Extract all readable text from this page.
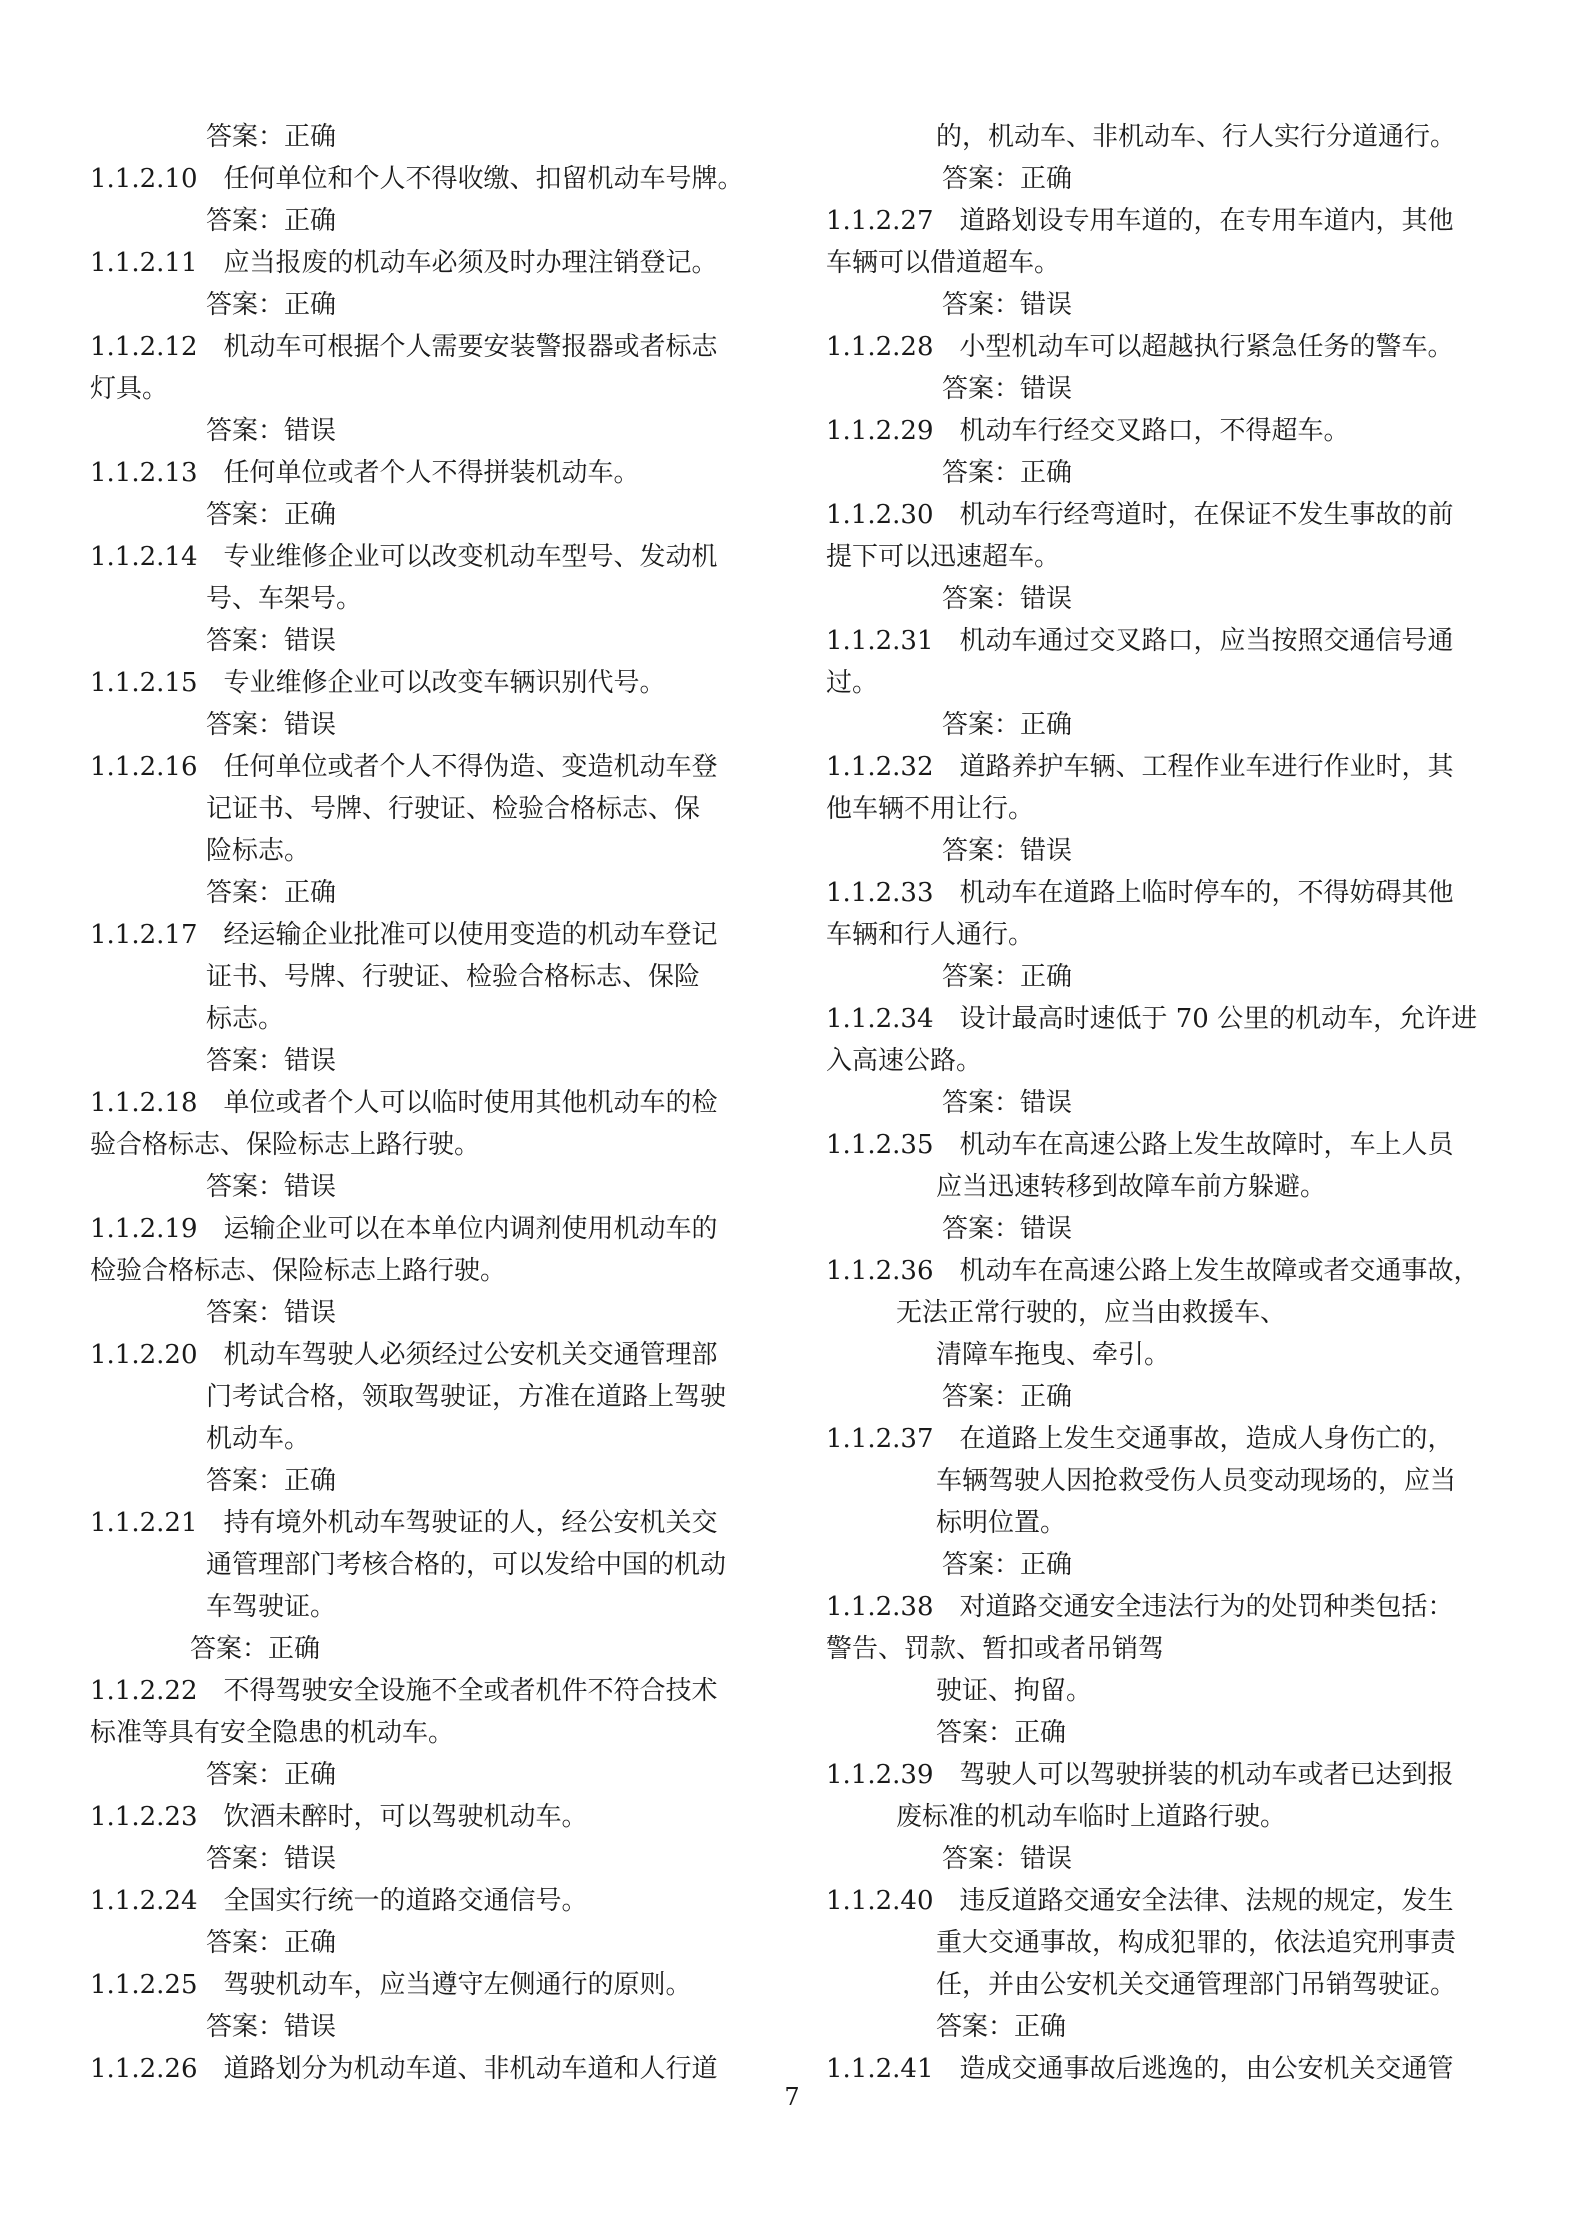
答案：正确
1.1.2.10　任何单位和个人不得收缴、扣留机动车号牌。
答案：正确
1.1.2.11　应当报废的机动车必须及时办理注销登记。
答案：正确
1.1.2.12　机动车可根据个人需要安装警报器或者标志
灯具。
答案：错误
1.1.2.13　任何单位或者个人不得拼装机动车。
答案：正确
1.1.2.14　专业维修企业可以改变机动车型号、发动机
号、车架号。
答案：错误
1.1.2.15　专业维修企业可以改变车辆识别代号。
答案：错误
1.1.2.16　任何单位或者个人不得伪造、变造机动车登
记证书、号牌、行驶证、检验合格标志、保
险标志。
答案：正确
1.1.2.17　经运输企业批准可以使用变造的机动车登记
证书、号牌、行驶证、检验合格标志、保险
标志。
答案：错误
1.1.2.18　单位或者个人可以临时使用其他机动车的检
验合格标志、保险标志上路行驶。
答案：错误
1.1.2.19　运输企业可以在本单位内调剂使用机动车的
检验合格标志、保险标志上路行驶。
答案：错误
1.1.2.20　机动车驾驶人必须经过公安机关交通管理部
门考试合格，领取驾驶证，方准在道路上驾驶
机动车。
答案：正确
1.1.2.21　持有境外机动车驾驶证的人，经公安机关交
通管理部门考核合格的，可以发给中国的机动
车驾驶证。
答案：正确
1.1.2.22　不得驾驶安全设施不全或者机件不符合技术
标准等具有安全隐患的机动车。
答案：正确
1.1.2.23　饮酒未醉时，可以驾驶机动车。
答案：错误
1.1.2.24　全国实行统一的道路交通信号。
答案：正确
1.1.2.25　驾驶机动车，应当遵守左侧通行的原则。
答案：错误
1.1.2.26　道路划分为机动车道、非机动车道和人行道
的，机动车、非机动车、行人实行分道通行。
答案：正确
1.1.2.27　道路划设专用车道的，在专用车道内，其他
车辆可以借道超车。
答案：错误
1.1.2.28　小型机动车可以超越执行紧急任务的警车。
答案：错误
1.1.2.29　机动车行经交叉路口，不得超车。
答案：正确
1.1.2.30　机动车行经弯道时，在保证不发生事故的前
提下可以迅速超车。
答案：错误
1.1.2.31　机动车通过交叉路口，应当按照交通信号通
过。
答案：正确
1.1.2.32　道路养护车辆、工程作业车进行作业时，其
他车辆不用让行。
答案：错误
1.1.2.33　机动车在道路上临时停车的，不得妨碍其他
车辆和行人通行。
答案：正确
1.1.2.34　设计最高时速低于 70 公里的机动车，允许进
入高速公路。
答案：错误
1.1.2.35　机动车在高速公路上发生故障时，车上人员
应当迅速转移到故障车前方躲避。
答案：错误
1.1.2.36　机动车在高速公路上发生故障或者交通事故，
无法正常行驶的，应当由救援车、
清障车拖曳、牵引。
答案：正确
1.1.2.37　在道路上发生交通事故，造成人身伤亡的，
车辆驾驶人因抢救受伤人员变动现场的，应当
标明位置。
答案：正确
1.1.2.38　对道路交通安全违法行为的处罚种类包括：
警告、罚款、暂扣或者吊销驾
驶证、拘留。
答案：正确
1.1.2.39　驾驶人可以驾驶拼装的机动车或者已达到报
废标准的机动车临时上道路行驶。
答案：错误
1.1.2.40　违反道路交通安全法律、法规的规定，发生
重大交通事故，构成犯罪的，依法追究刑事责
任，并由公安机关交通管理部门吊销驾驶证。
答案：正确
1.1.2.41　造成交通事故后逃逸的，由公安机关交通管
7
